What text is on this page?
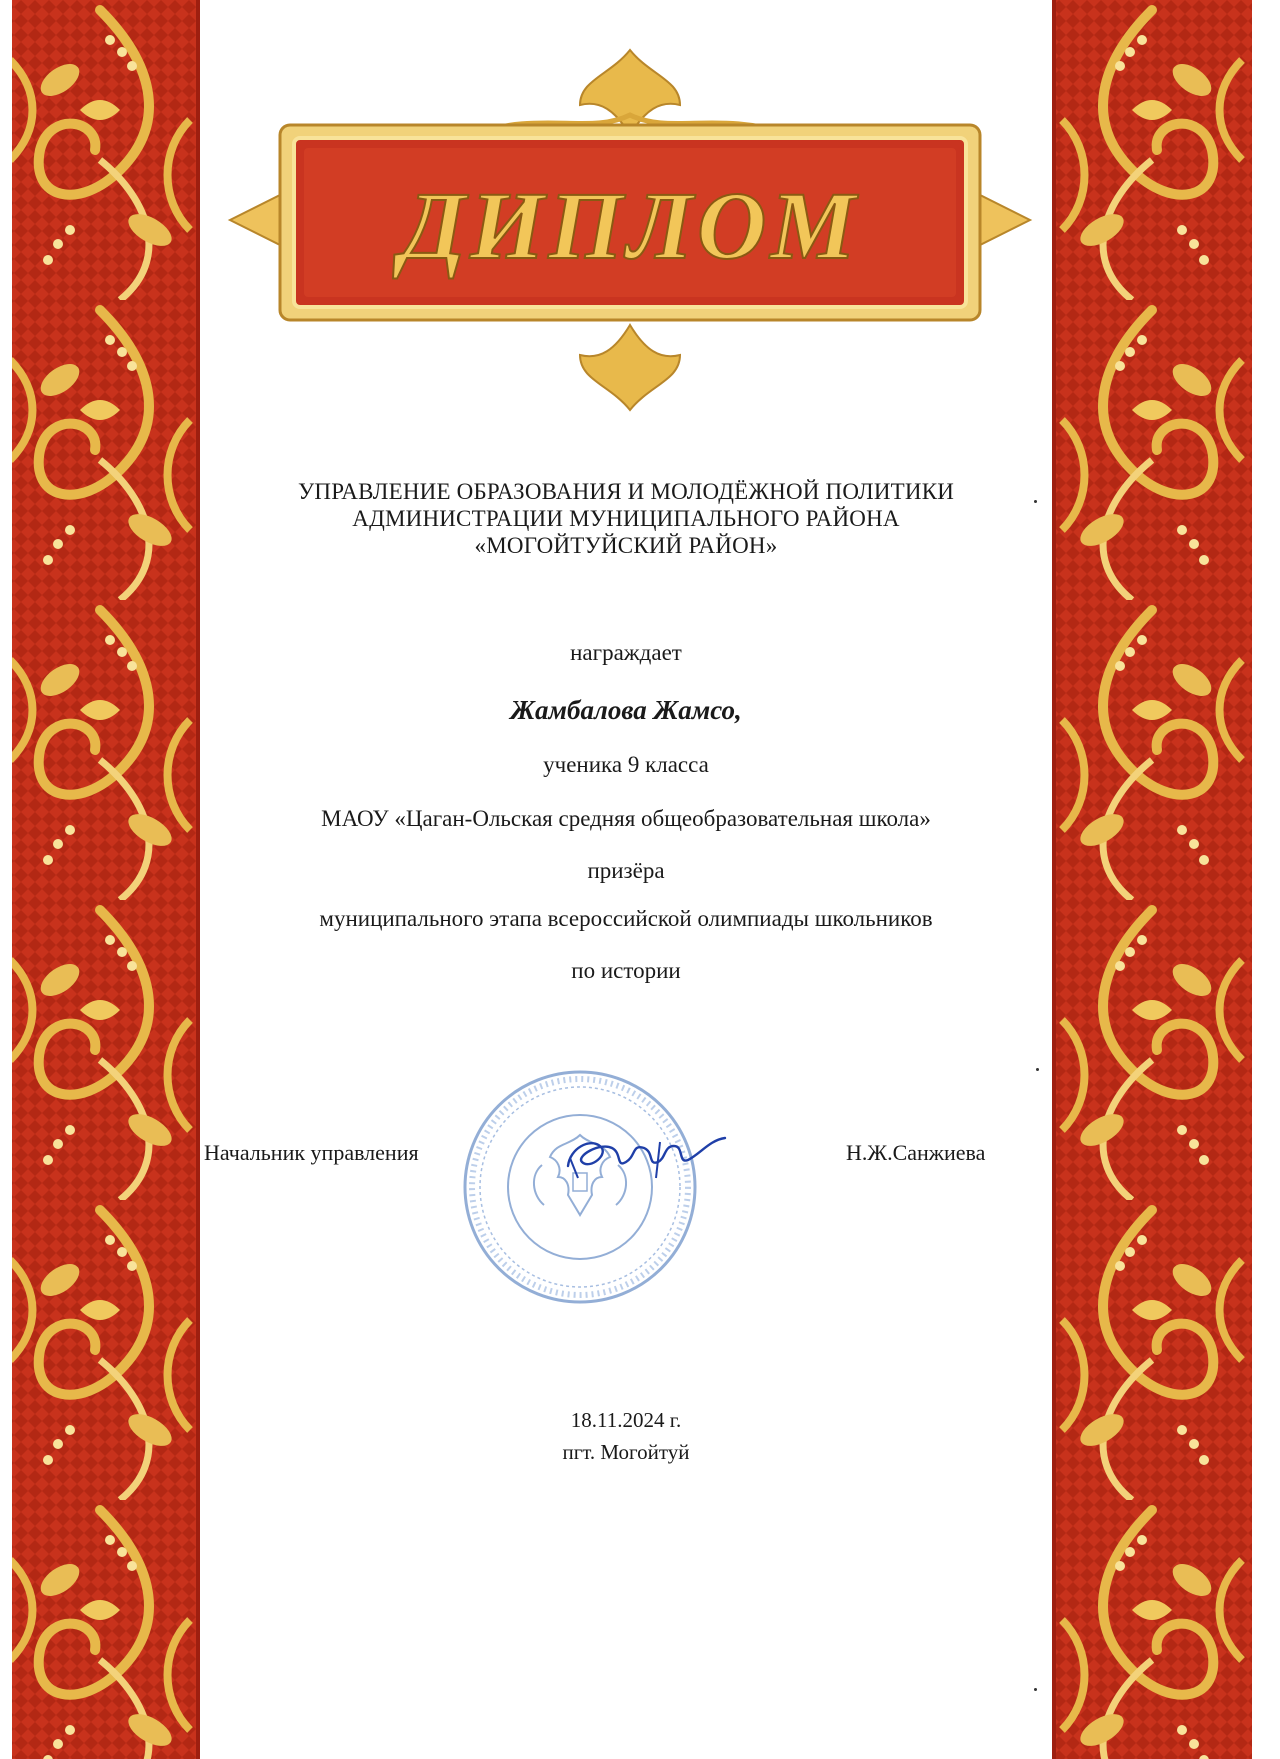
ДИПЛОМ
УПРАВЛЕНИЕ ОБРАЗОВАНИЯ И МОЛОДЁЖНОЙ ПОЛИТИКИ
АДМИНИСТРАЦИИ МУНИЦИПАЛЬНОГО РАЙОНА
«МОГОЙТУЙСКИЙ РАЙОН»
награждает
Жамбалова Жамсо,
ученика 9 класса
МАОУ «Цаган-Ольская средняя общеобразовательная школа»
призёра
муниципального этапа всероссийской олимпиады школьников
по истории
Начальник управления	Н.Ж.Санжиева
18.11.2024 г.
пгт. Могойтуй
